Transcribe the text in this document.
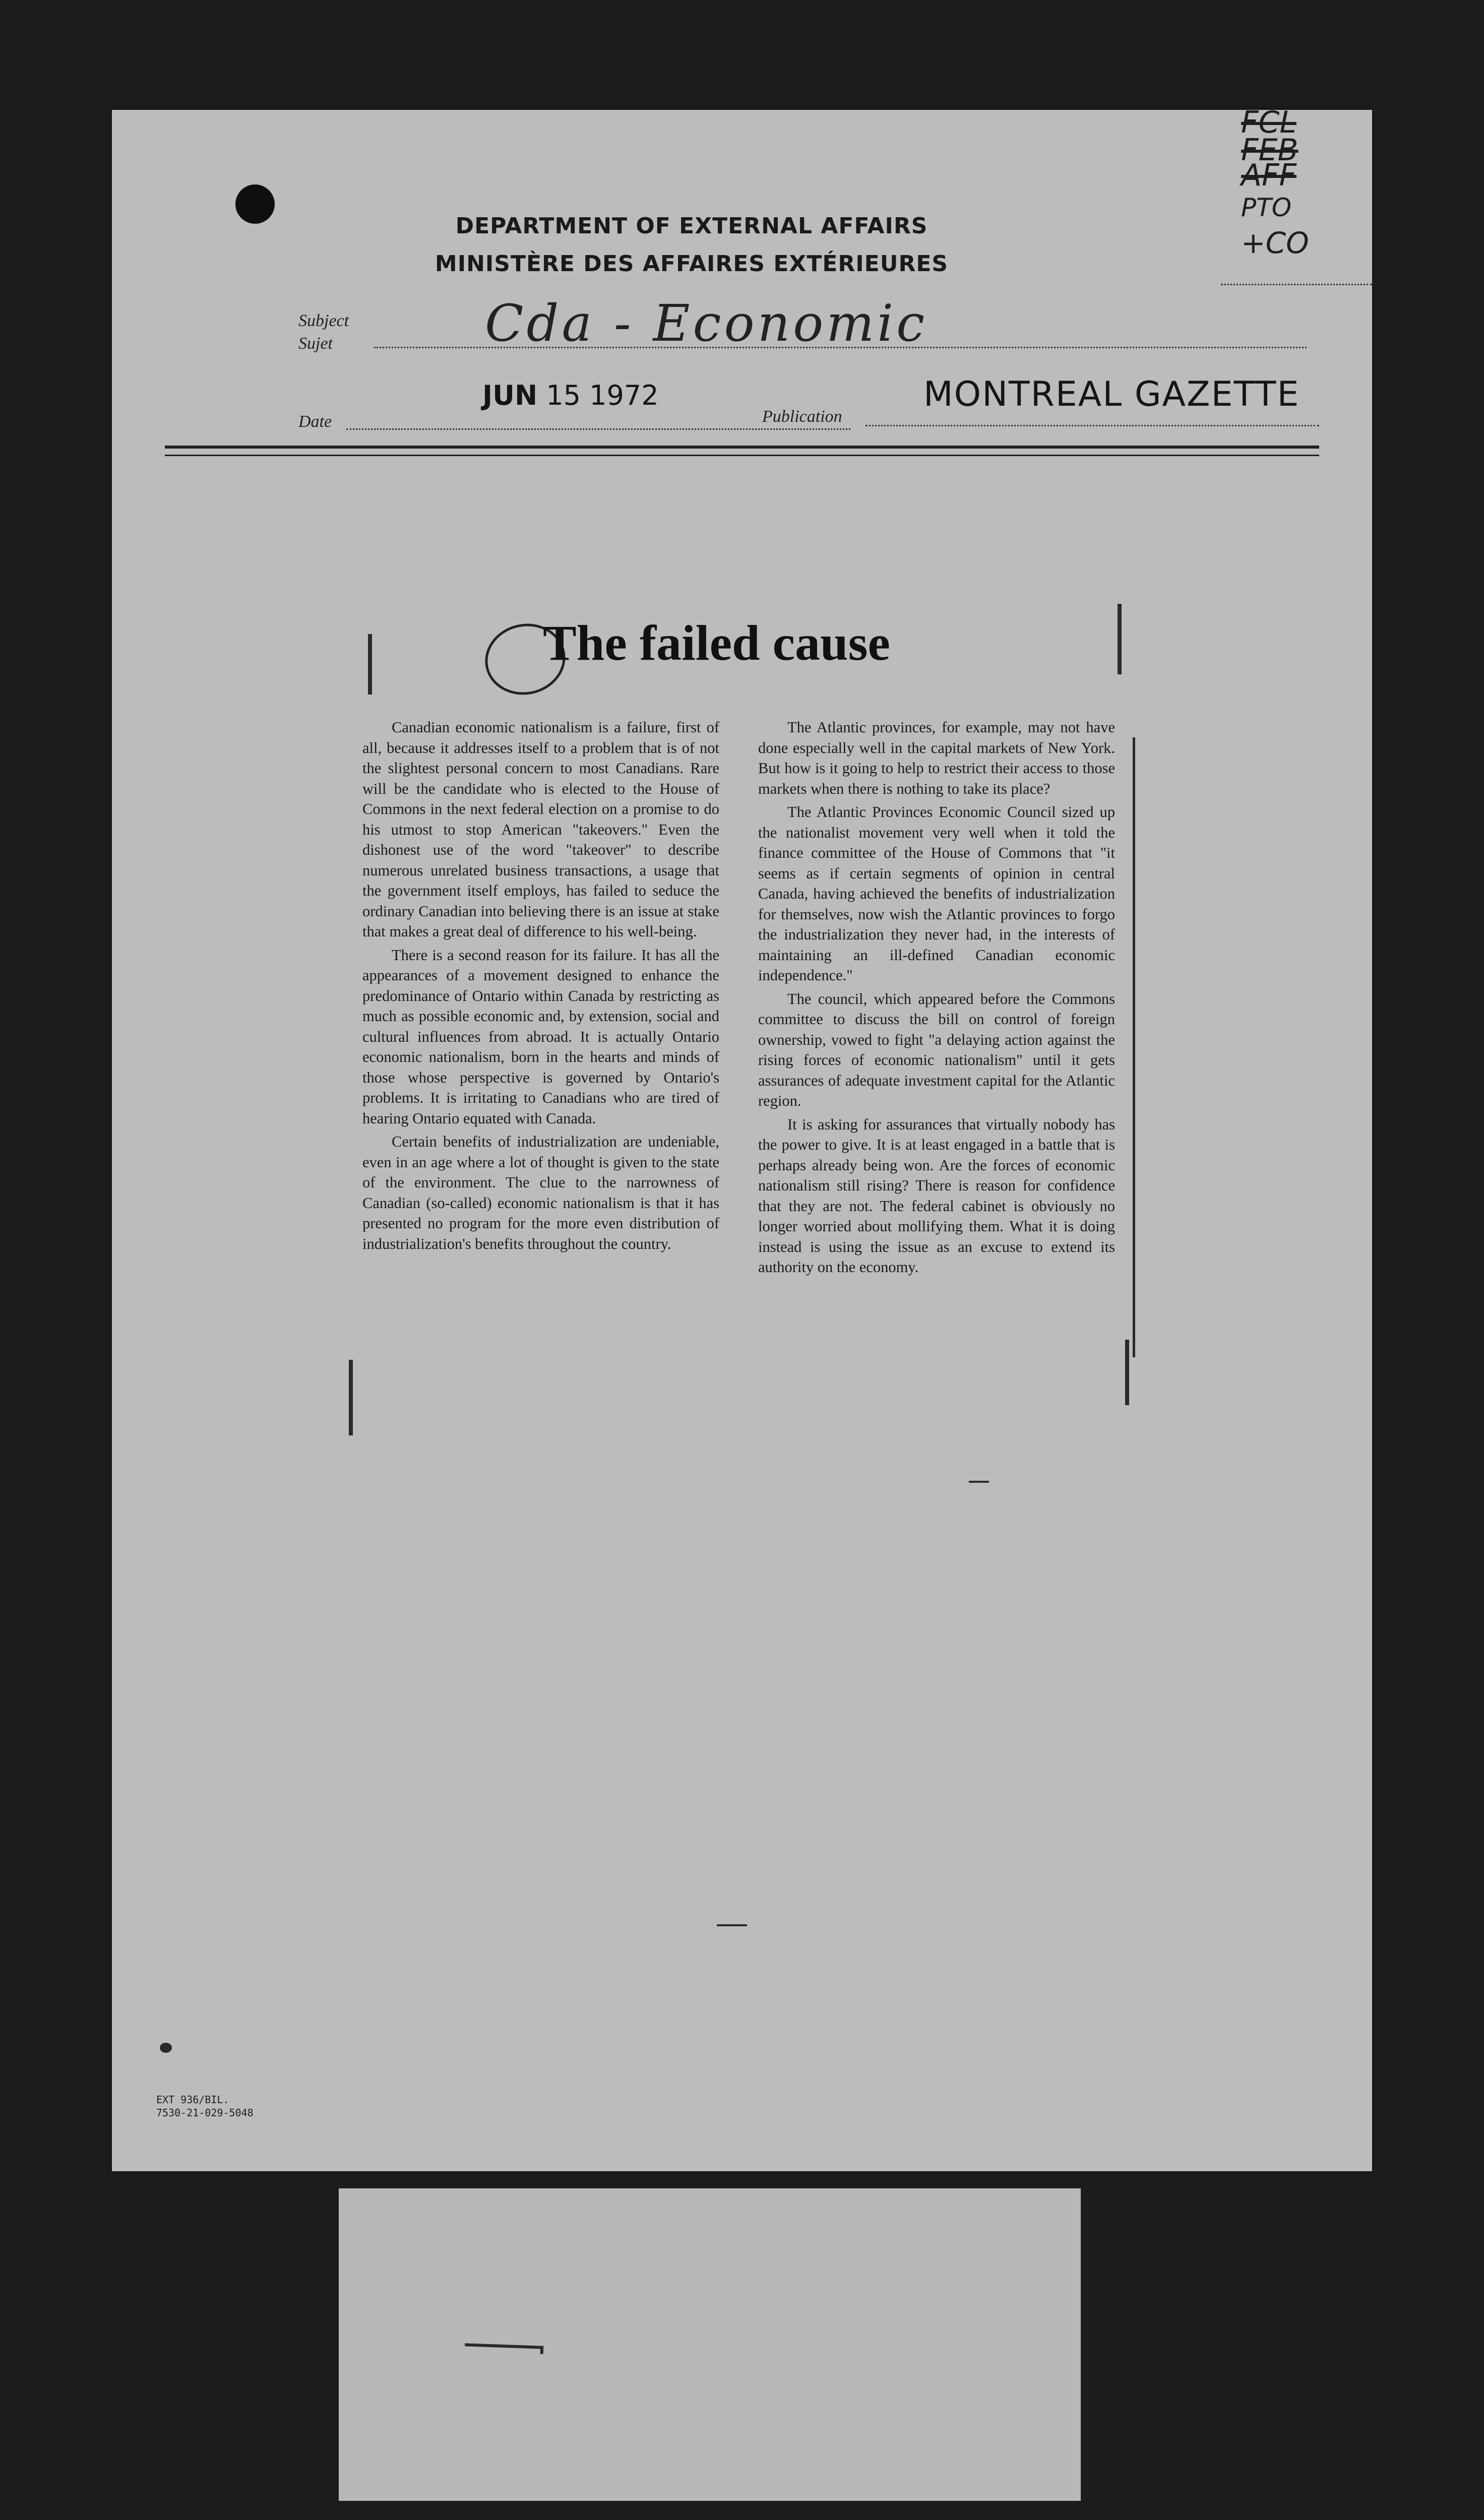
DEPARTMENT OF EXTERNAL AFFAIRS
MINISTÈRE DES AFFAIRES EXTÉRIEURES
FCL
FEB
AFF
PTO
+CO
Subject
Sujet	Cda - Economic
Date
JUN 15 1972
Publication
MONTREAL GAZETTE
The failed cause

Canadian economic nationalism is a failure, first of all, because it addresses itself to a problem that is of not the slightest personal concern to most Canadians. Rare will be the candidate who is elected to the House of Commons in the next federal election on a promise to do his utmost to stop American "takeovers." Even the dishonest use of the word "takeover" to describe numerous unrelated business transactions, a usage that the government itself employs, has failed to seduce the ordinary Canadian into believing there is an issue at stake that makes a great deal of difference to his well-being.

There is a second reason for its failure. It has all the appearances of a movement designed to enhance the predominance of Ontario within Canada by restricting as much as possible economic and, by extension, social and cultural influences from abroad. It is actually Ontario economic nationalism, born in the hearts and minds of those whose perspective is governed by Ontario's problems. It is irritating to Canadians who are tired of hearing Ontario equated with Canada.

Certain benefits of industrialization are undeniable, even in an age where a lot of thought is given to the state of the environment. The clue to the narrowness of Canadian (so-called) economic nationalism is that it has presented no program for the more even distribution of industrialization's benefits throughout the country.

The Atlantic provinces, for example, may not have done especially well in the capital markets of New York. But how is it going to help to restrict their access to those markets when there is nothing to take its place?

The Atlantic Provinces Economic Council sized up the nationalist movement very well when it told the finance committee of the House of Commons that "it seems as if certain segments of opinion in central Canada, having achieved the benefits of industrialization for themselves, now wish the Atlantic provinces to forgo the industrialization they never had, in the interests of maintaining an ill-defined Canadian economic independence."

The council, which appeared before the Commons committee to discuss the bill on control of foreign ownership, vowed to fight "a delaying action against the rising forces of economic nationalism" until it gets assurances of adequate investment capital for the Atlantic region.

It is asking for assurances that virtually nobody has the power to give. It is at least engaged in a battle that is perhaps already being won. Are the forces of economic nationalism still rising? There is reason for confidence that they are not. The federal cabinet is obviously no longer worried about mollifying them. What it is doing instead is using the issue as an excuse to extend its authority on the economy.

EXT 936/BIL.
7530-21-029-5048
